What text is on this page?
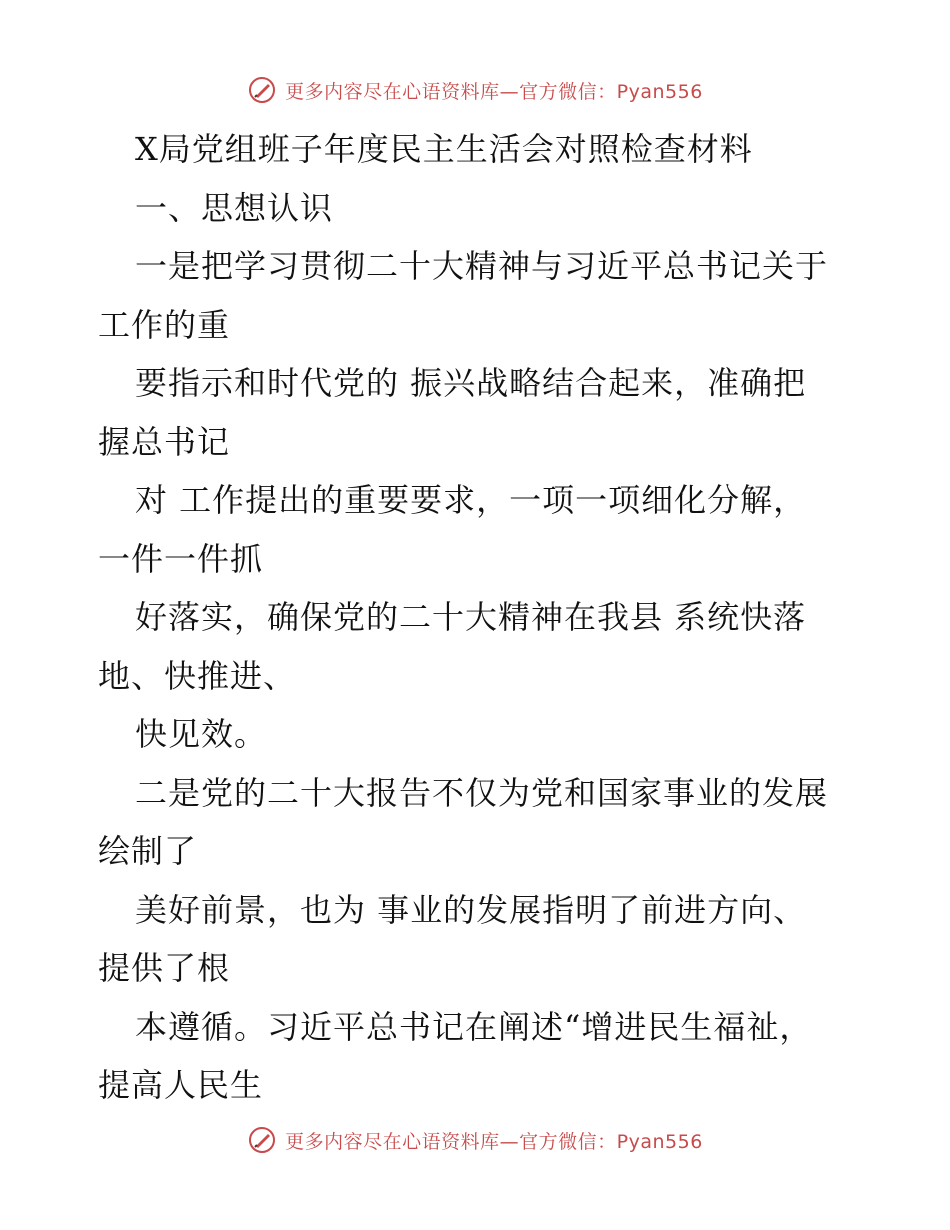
更多内容尽在心语资料库—官方微信：Pyan556
X局党组班子年度民主生活会对照检查材料
一、思想认识
一是把学习贯彻二十大精神与习近平总书记关于
工作的重
要指示和时代党的 振兴战略结合起来，准确把
握总书记
对 工作提出的重要要求，一项一项细化分解，
一件一件抓
好落实，确保党的二十大精神在我县 系统快落
地、快推进、
快见效。
二是党的二十大报告不仅为党和国家事业的发展
绘制了
美好前景，也为 事业的发展指明了前进方向、
提供了根
本遵循。习近平总书记在阐述“增进民生福祉，
提高人民生
更多内容尽在心语资料库—官方微信：Pyan556
